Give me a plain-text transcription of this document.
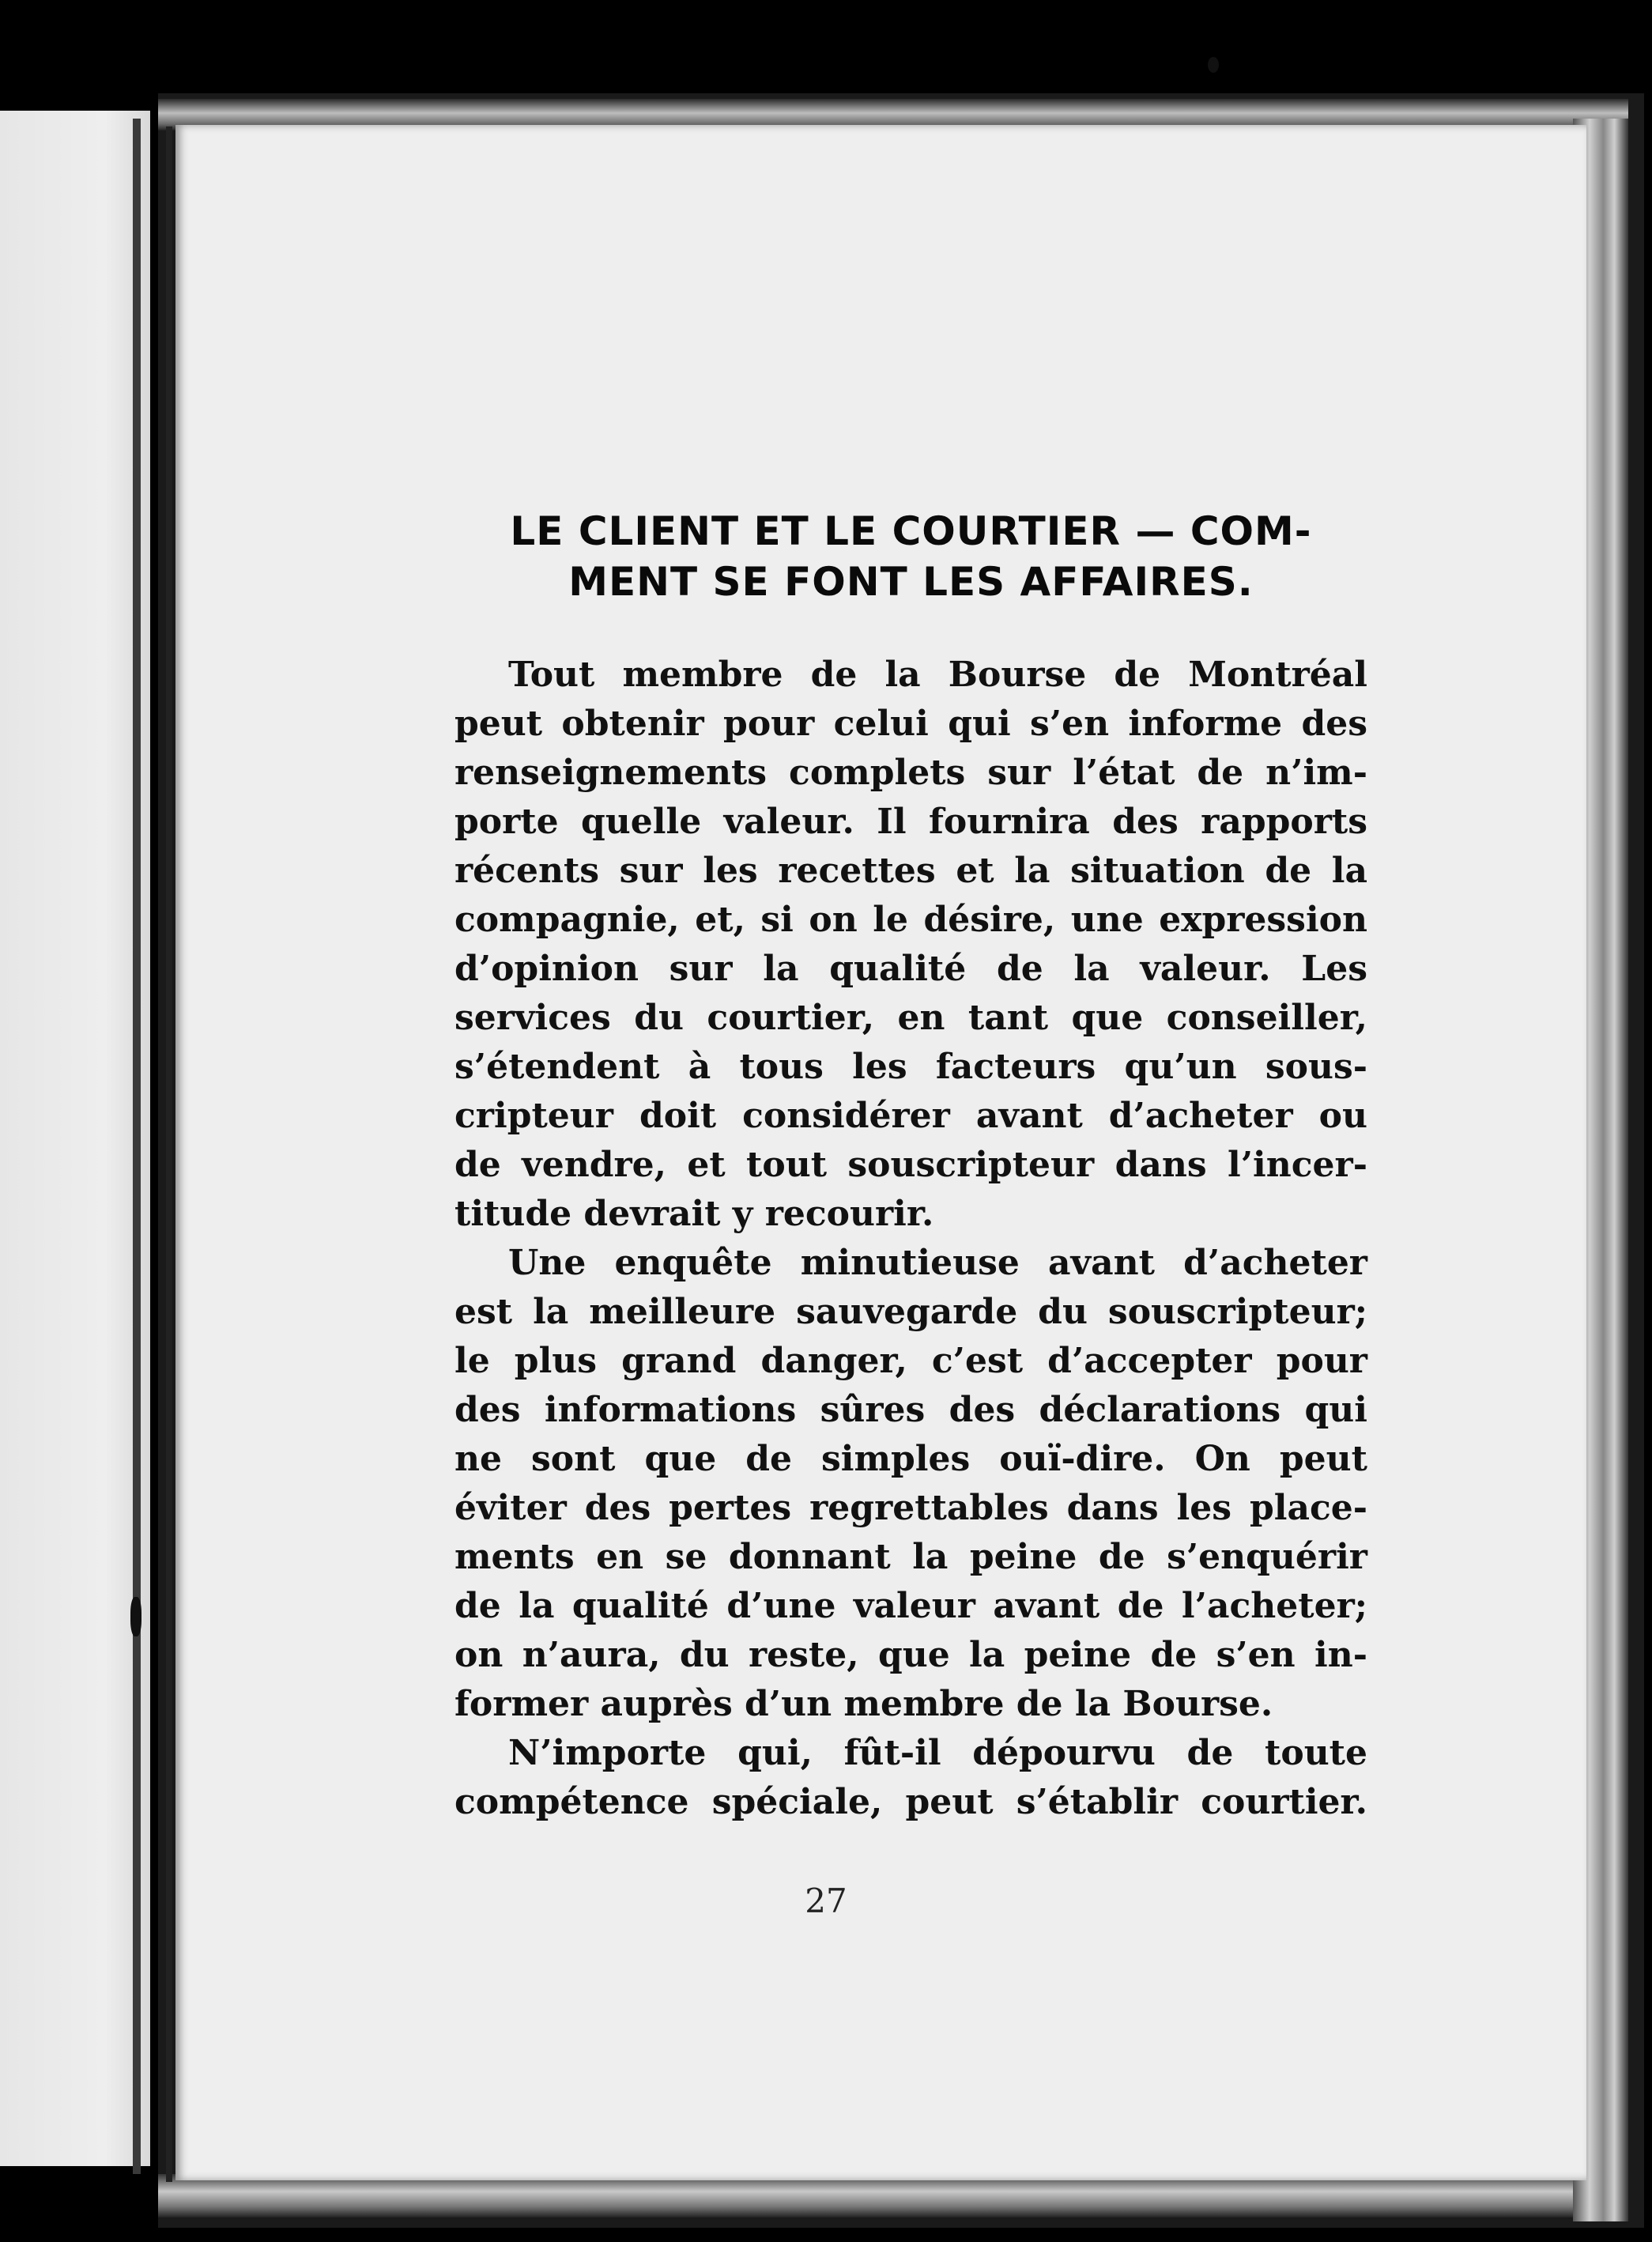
LE CLIENT ET LE COURTIER — COM-
MENT SE FONT LES AFFAIRES.

Tout membre de la Bourse de Montréal
peut obtenir pour celui qui s’en informe des
renseignements complets sur l’état de n’im-
porte quelle valeur. Il fournira des rapports
récents sur les recettes et la situation de la
compagnie, et, si on le désire, une expression
d’opinion sur la qualité de la valeur. Les
services du courtier, en tant que conseiller,
s’étendent à tous les facteurs qu’un sous-
cripteur doit considérer avant d’acheter ou
de vendre, et tout souscripteur dans l’incer-
titude devrait y recourir.

Une enquête minutieuse avant d’acheter
est la meilleure sauvegarde du souscripteur;
le plus grand danger, c’est d’accepter pour
des informations sûres des déclarations qui
ne sont que de simples ouï-dire. On peut
éviter des pertes regrettables dans les place-
ments en se donnant la peine de s’enquérir
de la qualité d’une valeur avant de l’acheter;
on n’aura, du reste, que la peine de s’en in-
former auprès d’un membre de la Bourse.

N’importe qui, fût-il dépourvu de toute
compétence spéciale, peut s’établir courtier.

27
